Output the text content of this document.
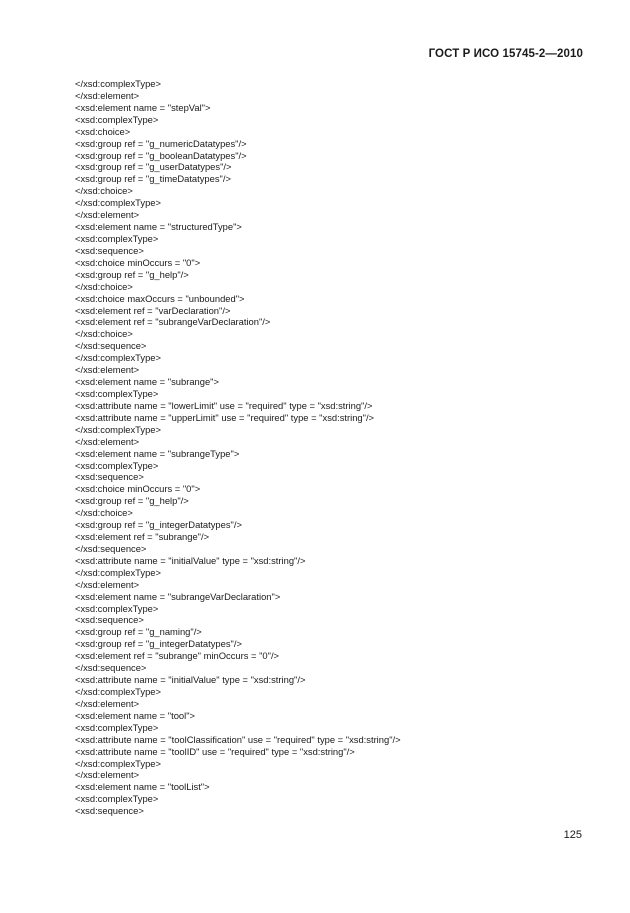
ГОСТ Р ИСО 15745-2—2010
</xsd:complexType>
</xsd:element>
<xsd:element name = "stepVal">
<xsd:complexType>
<xsd:choice>
<xsd:group ref = "g_numericDatatypes"/>
<xsd:group ref = "g_booleanDatatypes"/>
<xsd:group ref = "g_userDatatypes"/>
<xsd:group ref = "g_timeDatatypes"/>
</xsd:choice>
</xsd:complexType>
</xsd:element>
<xsd:element name = "structuredType">
<xsd:complexType>
<xsd:sequence>
<xsd:choice minOccurs = "0">
<xsd:group ref = "g_help"/>
</xsd:choice>
<xsd:choice maxOccurs = "unbounded">
<xsd:element ref = "varDeclaration"/>
<xsd:element ref = "subrangeVarDeclaration"/>
</xsd:choice>
</xsd:sequence>
</xsd:complexType>
</xsd:element>
<xsd:element name = "subrange">
<xsd:complexType>
<xsd:attribute name = "lowerLimit" use = "required" type = "xsd:string"/>
<xsd:attribute name = "upperLimit" use = "required" type = "xsd:string"/>
</xsd:complexType>
</xsd:element>
<xsd:element name = "subrangeType">
<xsd:complexType>
<xsd:sequence>
<xsd:choice minOccurs = "0">
<xsd:group ref = "g_help"/>
</xsd:choice>
<xsd:group ref = "g_integerDatatypes"/>
<xsd:element ref = "subrange"/>
</xsd:sequence>
<xsd:attribute name = "initialValue" type = "xsd:string"/>
</xsd:complexType>
</xsd:element>
<xsd:element name = "subrangeVarDeclaration">
<xsd:complexType>
<xsd:sequence>
<xsd:group ref = "g_naming"/>
<xsd:group ref = "g_integerDatatypes"/>
<xsd:element ref = "subrange" minOccurs = "0"/>
</xsd:sequence>
<xsd:attribute name = "initialValue" type = "xsd:string"/>
</xsd:complexType>
</xsd:element>
<xsd:element name = "tool">
<xsd:complexType>
<xsd:attribute name = "toolClassification" use = "required" type = "xsd:string"/>
<xsd:attribute name = "toolID" use = "required" type = "xsd:string"/>
</xsd:complexType>
</xsd:element>
<xsd:element name = "toolList">
<xsd:complexType>
<xsd:sequence>
125
